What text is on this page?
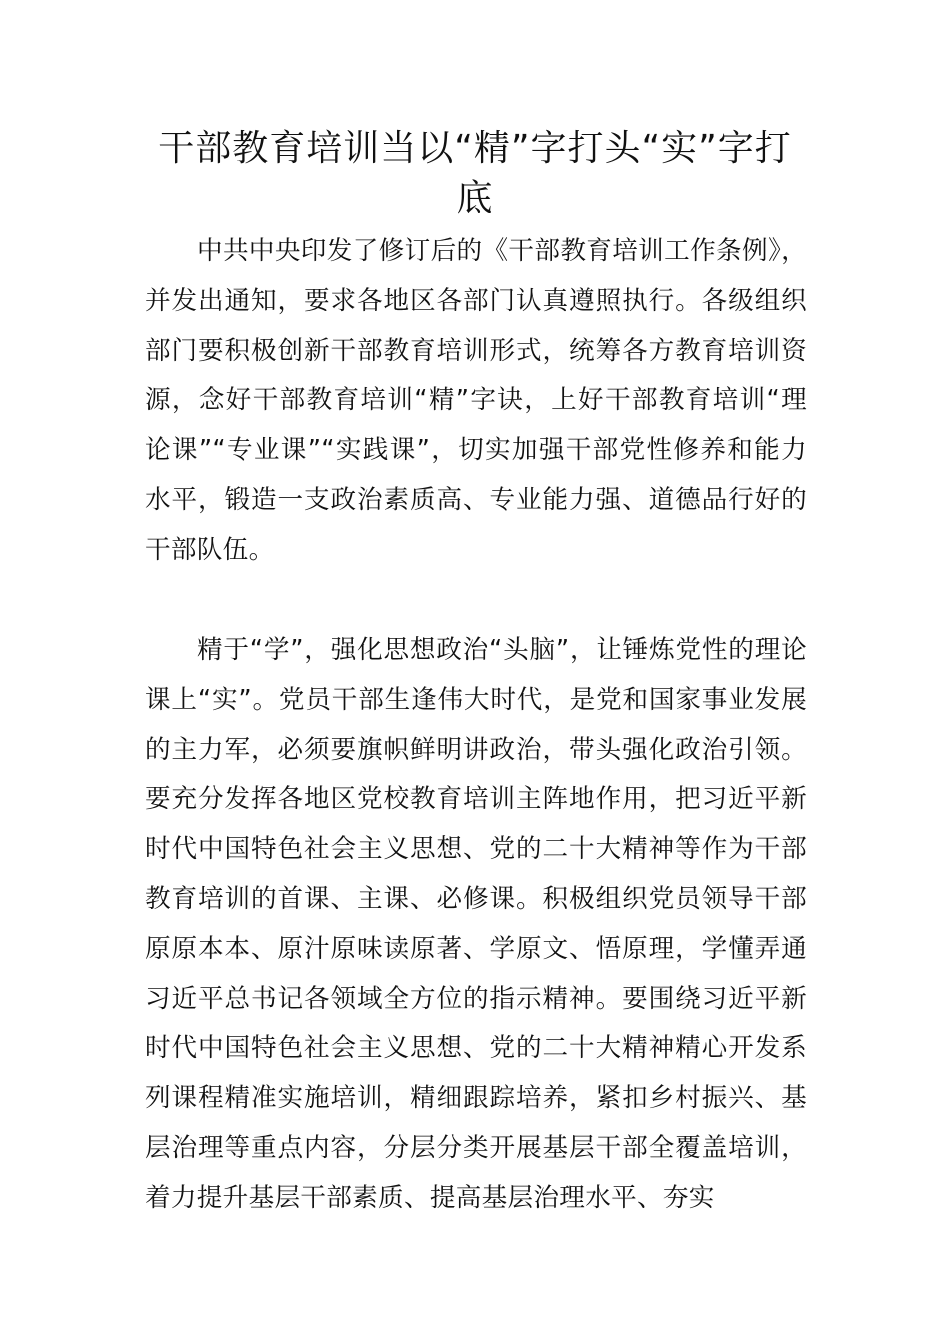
干部教育培训当以“精”字打头“实”字打底

中共中央印发了修订后的《干部教育培训工作条例》，并发出通知，要求各地区各部门认真遵照执行。各级组织部门要积极创新干部教育培训形式，统筹各方教育培训资源，念好干部教育培训“精”字诀，上好干部教育培训“理论课”“专业课”“实践课”，切实加强干部党性修养和能力水平，锻造一支政治素质高、专业能力强、道德品行好的干部队伍。

精于“学”，强化思想政治“头脑”，让锤炼党性的理论课上“实”。党员干部生逢伟大时代，是党和国家事业发展的主力军，必须要旗帜鲜明讲政治，带头强化政治引领。要充分发挥各地区党校教育培训主阵地作用，把习近平新时代中国特色社会主义思想、党的二十大精神等作为干部教育培训的首课、主课、必修课。积极组织党员领导干部原原本本、原汁原味读原著、学原文、悟原理，学懂弄通习近平总书记各领域全方位的指示精神。要围绕习近平新时代中国特色社会主义思想、党的二十大精神精心开发系列课程精准实施培训，精细跟踪培养，紧扣乡村振兴、基层治理等重点内容，分层分类开展基层干部全覆盖培训，着力提升基层干部素质、提高基层治理水平、夯实
